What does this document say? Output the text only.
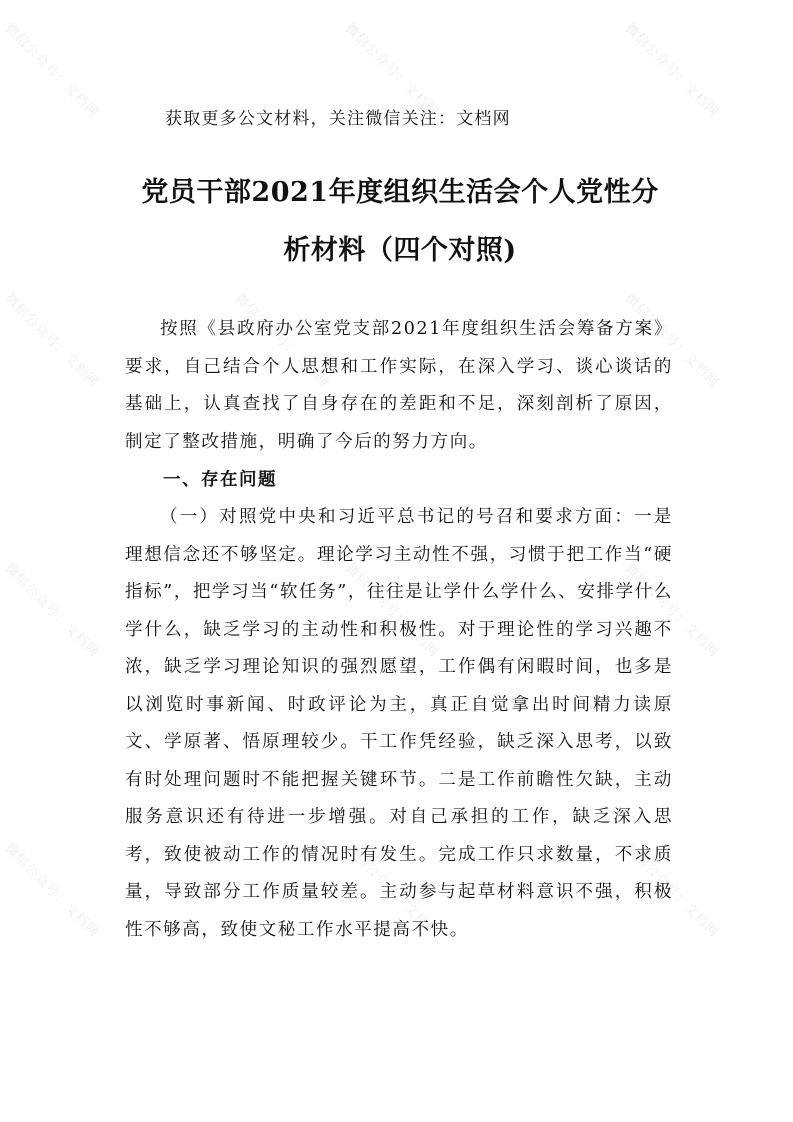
微信公众号：文档网	微信公众号：文档网	微信公众号：文档网
微信公众号：文档网	微信公众号：文档网	微信公众号：文档网
微信公众号：文档网	微信公众号：文档网	微信公众号：文档网
微信公众号：文档网	微信公众号：文档网	微信公众号：文档网
获取更多公文材料，关注微信关注：文档网
党员干部2021年度组织生活会个人党性分
析材料（四个对照)

按照《县政府办公室党支部2021年度组织生活会筹备方案》要求，自己结合个人思想和工作实际，在深入学习、谈心谈话的基础上，认真查找了自身存在的差距和不足，深刻剖析了原因，制定了整改措施，明确了今后的努力方向。

一、存在问题

（一）对照党中央和习近平总书记的号召和要求方面：一是理想信念还不够坚定。理论学习主动性不强，习惯于把工作当“硬指标”，把学习当“软任务”，往往是让学什么学什么、安排学什么学什么，缺乏学习的主动性和积极性。对于理论性的学习兴趣不浓，缺乏学习理论知识的强烈愿望，工作偶有闲暇时间，也多是以浏览时事新闻、时政评论为主，真正自觉拿出时间精力读原文、学原著、悟原理较少。干工作凭经验，缺乏深入思考，以致有时处理问题时不能把握关键环节。二是工作前瞻性欠缺，主动服务意识还有待进一步增强。对自己承担的工作，缺乏深入思考，致使被动工作的情况时有发生。完成工作只求数量，不求质量，导致部分工作质量较差。主动参与起草材料意识不强，积极性不够高，致使文秘工作水平提高不快。
